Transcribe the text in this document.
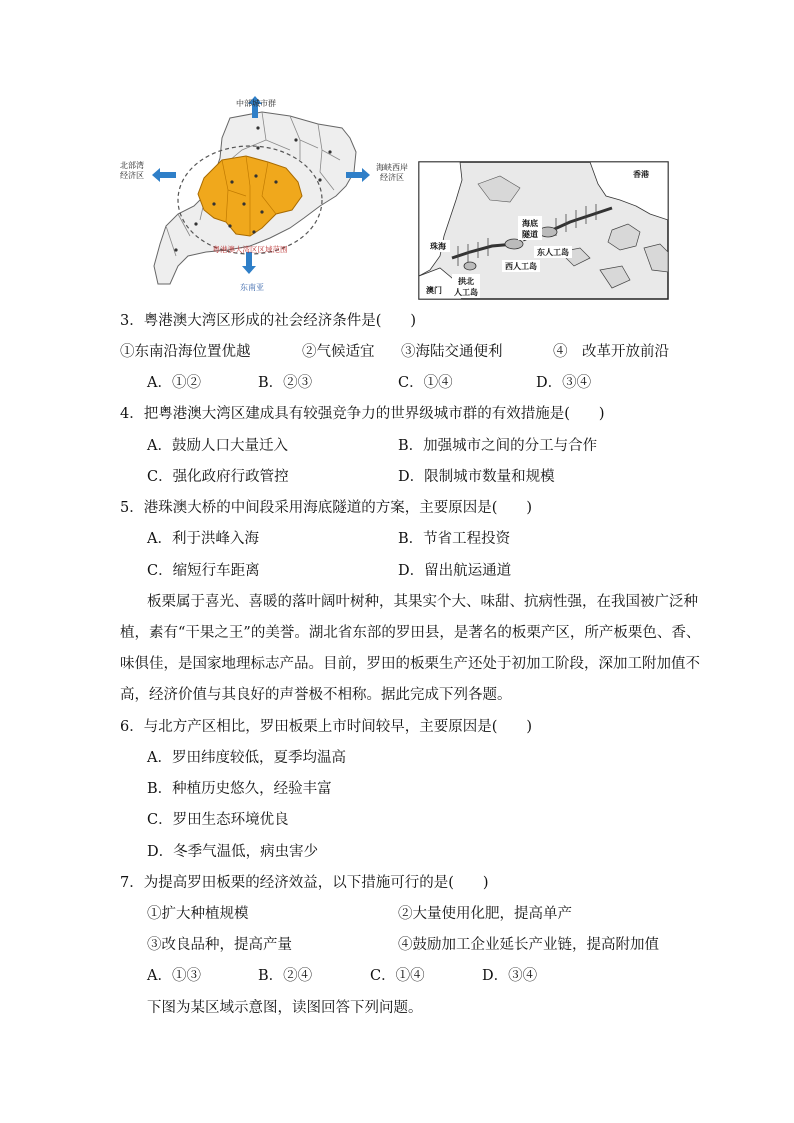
中部城市群
北部湾经济区
海峡西岸经济区
东南亚
粤港澳大湾区区域范围
香港
海底隧道
珠海
东人工岛
西人工岛
澳门
拱北人工岛
3．粤港澳大湾区形成的社会经济条件是(　　)
①东南沿海位置优越	②气候适宜 ③海陆交通便利	④　改革开放前沿
A．①②	B．②③	C．①④	D．③④
4．把粤港澳大湾区建成具有较强竞争力的世界级城市群的有效措施是(　　)
A．鼓励人口大量迁入	B．加强城市之间的分工与合作
C．强化政府行政管控	D．限制城市数量和规模
5．港珠澳大桥的中间段采用海底隧道的方案，主要原因是(　　)
A．利于洪峰入海	B．节省工程投资
C．缩短行车距离	D．留出航运通道
板栗属于喜光、喜暖的落叶阔叶树种，其果实个大、味甜、抗病性强，在我国被广泛种
植，素有“干果之王”的美誉。湖北省东部的罗田县，是著名的板栗产区，所产板栗色、香、
味俱佳，是国家地理标志产品。目前，罗田的板栗生产还处于初加工阶段，深加工附加值不
高，经济价值与其良好的声誉极不相称。据此完成下列各题。
6．与北方产区相比，罗田板栗上市时间较早，主要原因是(　　)
A．罗田纬度较低，夏季均温高
B．种植历史悠久，经验丰富
C．罗田生态环境优良
D．冬季气温低，病虫害少
7．为提高罗田板栗的经济效益，以下措施可行的是(　　)
①扩大种植规模	②大量使用化肥，提高单产
③改良品种，提高产量	④鼓励加工企业延长产业链，提高附加值
A．①③	B．②④	C．①④	D．③④
下图为某区域示意图，读图回答下列问题。
